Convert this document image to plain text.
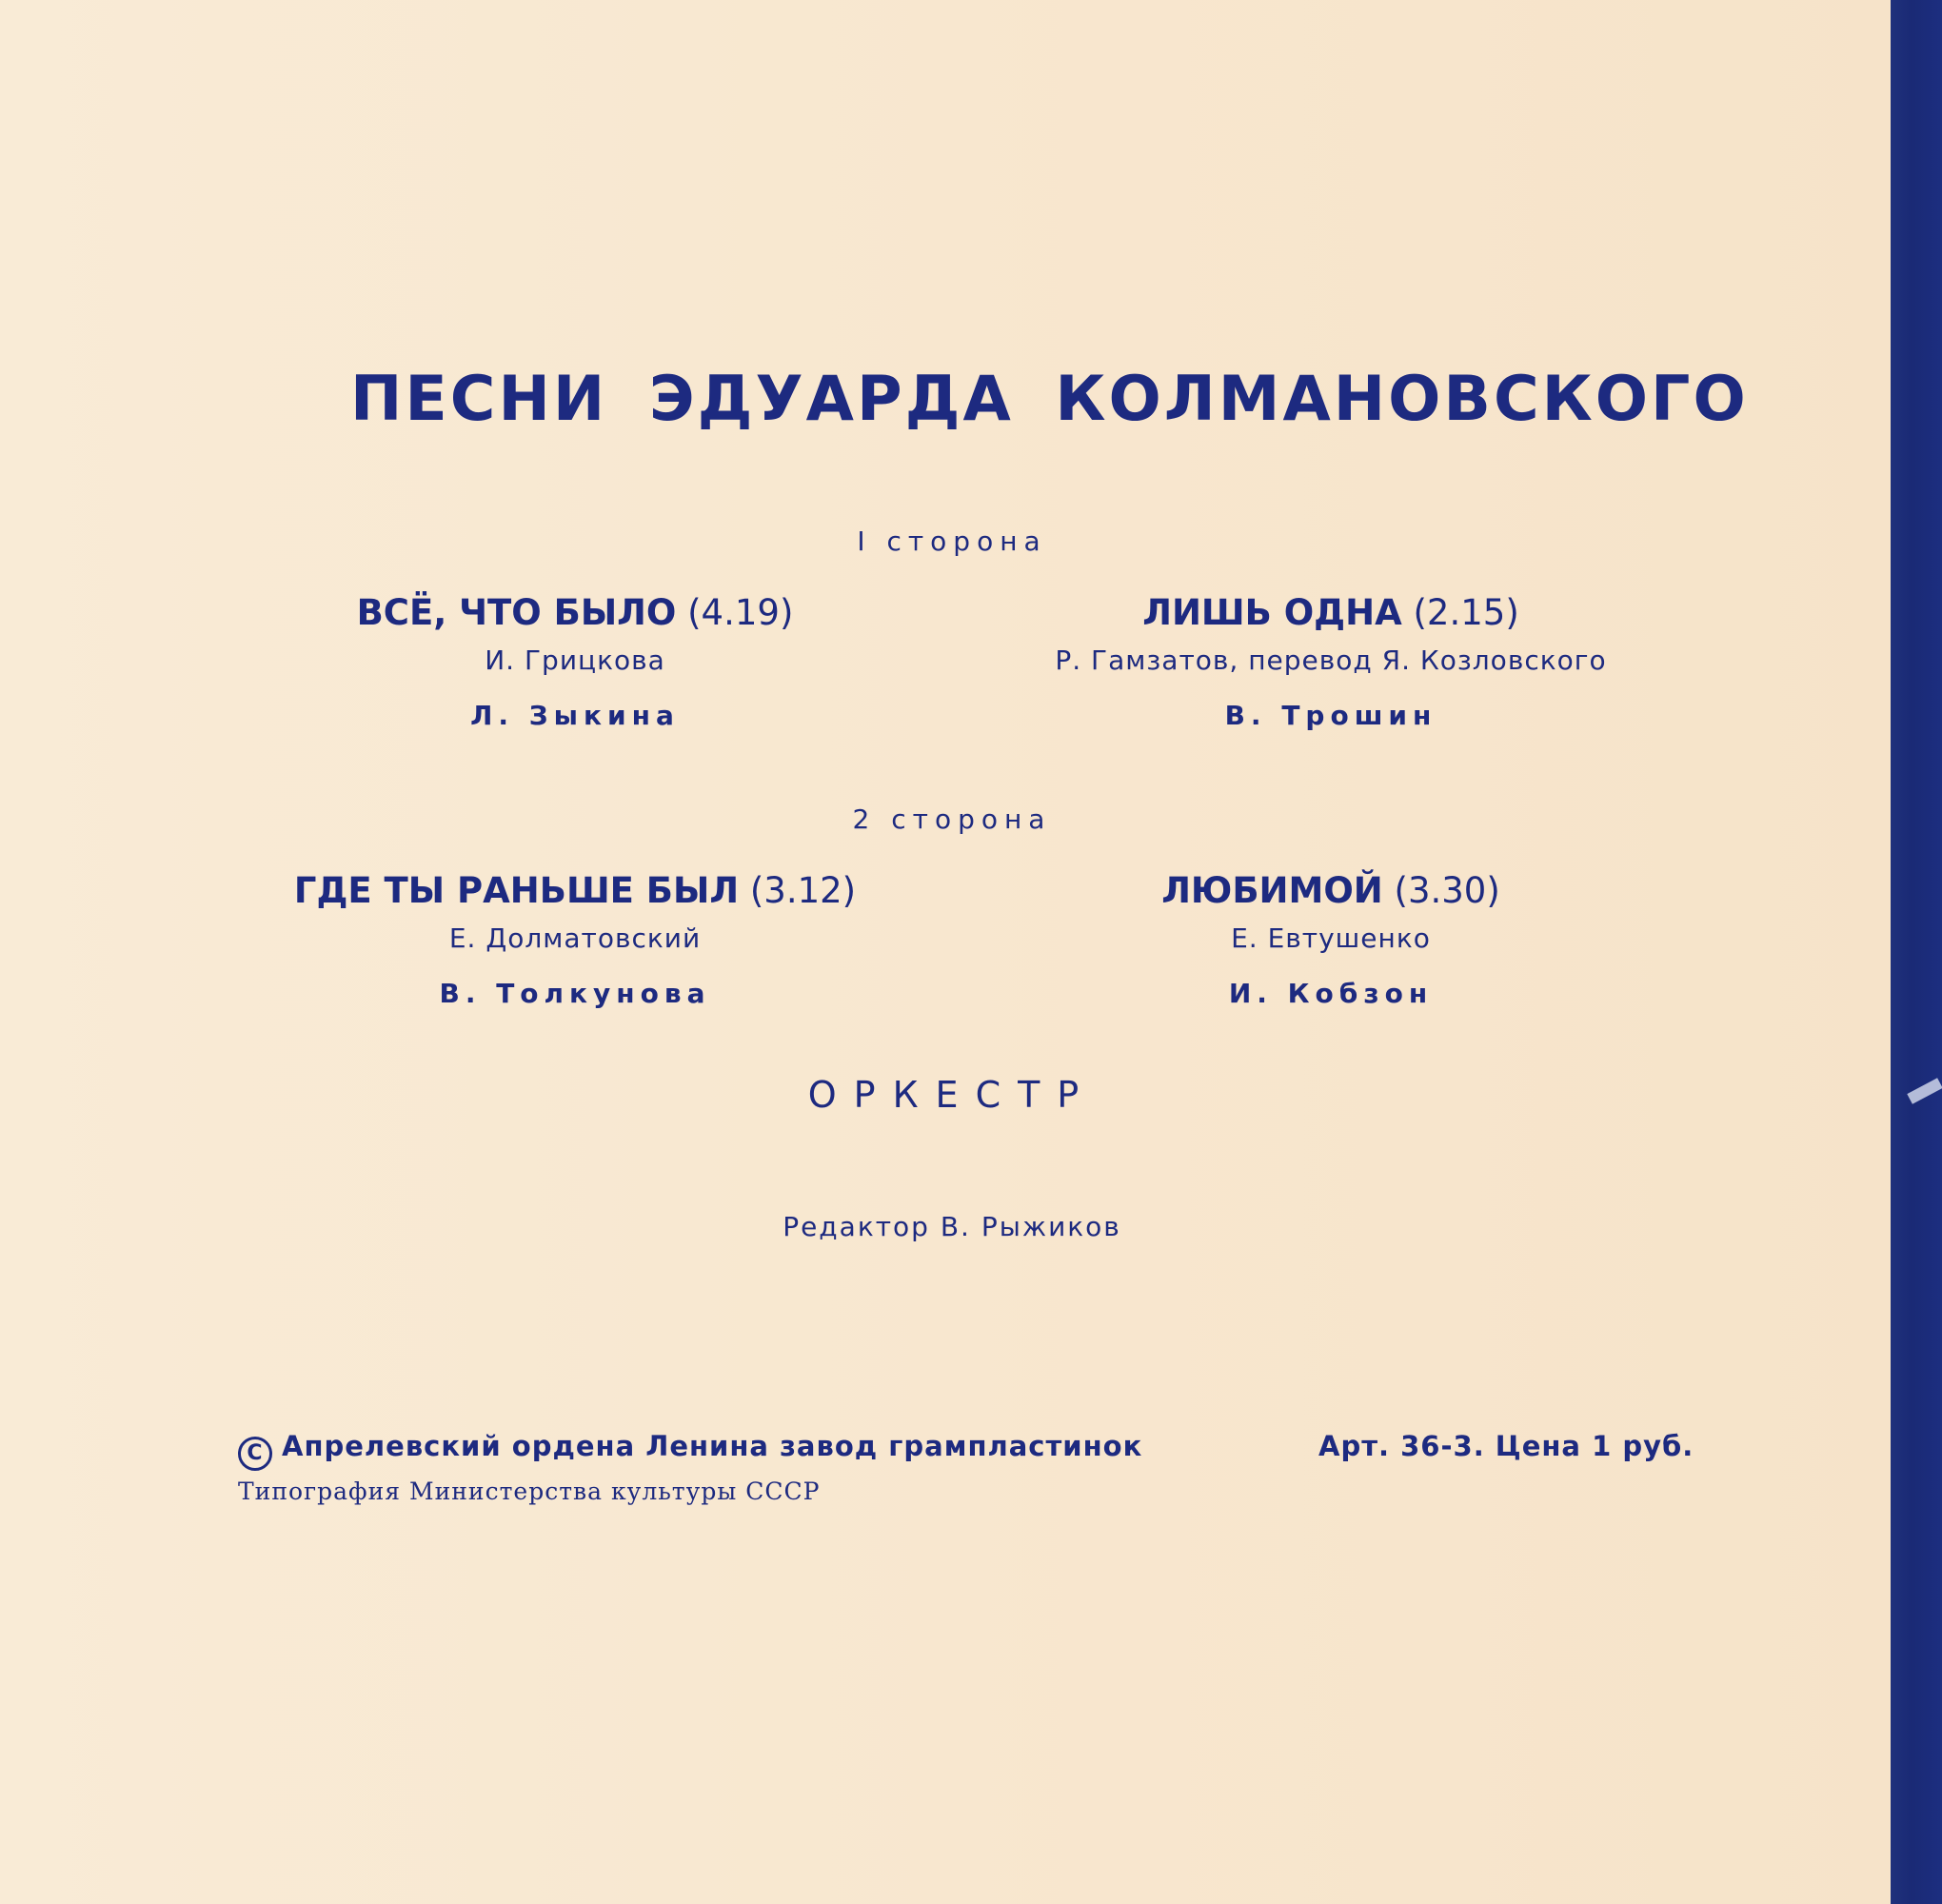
ПЕСНИ ЭДУАРДА КОЛМАНОВСКОГО
I сторона
ВСЁ, ЧТО БЫЛО (4.19)
И. Грицкова
Л. Зыкина
ЛИШЬ ОДНА (2.15)
Р. Гамзатов, перевод Я. Козловского
В. Трошин
2 сторона
ГДЕ ТЫ РАНЬШЕ БЫЛ (3.12)
Е. Долматовский
В. Толкунова
ЛЮБИМОЙ (3.30)
Е. Евтушенко
И. Кобзон
ОРКЕСТР
Редактор В. Рыжиков
C Апрелевский ордена Ленина завод грампластинок
Типография Министерства культуры СССР
Арт. 36-3. Цена 1 руб.
